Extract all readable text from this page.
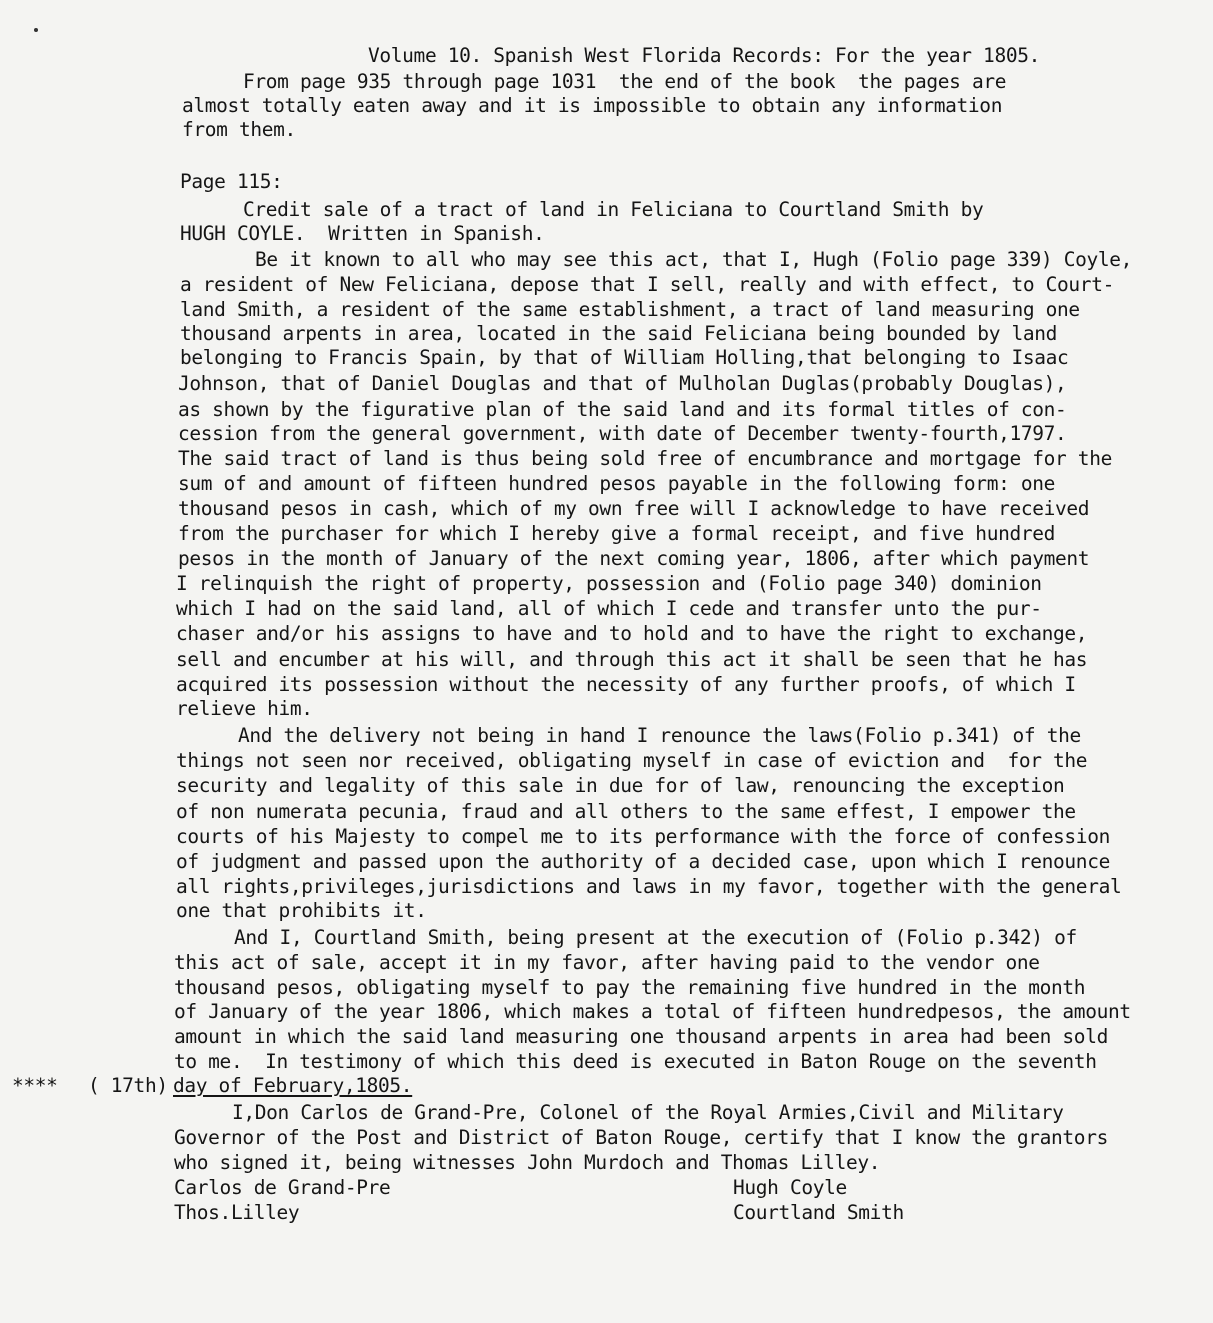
Volume 10. Spanish West Florida Records: For the year 1805.
From page 935 through page 1031  the end of the book  the pages are
almost totally eaten away and it is impossible to obtain any information
from them.
Page 115:
Credit sale of a tract of land in Feliciana to Courtland Smith by
HUGH COYLE.  Written in Spanish.
Be it known to all who may see this act, that I, Hugh (Folio page 339) Coyle,
a resident of New Feliciana, depose that I sell, really and with effect, to Court-
land Smith, a resident of the same establishment, a tract of land measuring one
thousand arpents in area, located in the said Feliciana being bounded by land
belonging to Francis Spain, by that of William Holling,that belonging to Isaac
Johnson, that of Daniel Douglas and that of Mulholan Duglas(probably Douglas),
as shown by the figurative plan of the said land and its formal titles of con-
cession from the general government, with date of December twenty-fourth,1797.
The said tract of land is thus being sold free of encumbrance and mortgage for the
sum of and amount of fifteen hundred pesos payable in the following form: one
thousand pesos in cash, which of my own free will I acknowledge to have received
from the purchaser for which I hereby give a formal receipt, and five hundred
pesos in the month of January of the next coming year, 1806, after which payment
I relinquish the right of property, possession and (Folio page 340) dominion
which I had on the said land, all of which I cede and transfer unto the pur-
chaser and/or his assigns to have and to hold and to have the right to exchange,
sell and encumber at his will, and through this act it shall be seen that he has
acquired its possession without the necessity of any further proofs, of which I
relieve him.
And the delivery not being in hand I renounce the laws(Folio p.341) of the
things not seen nor received, obligating myself in case of eviction and  for the
security and legality of this sale in due for of law, renouncing the exception
of non numerata pecunia, fraud and all others to the same effest, I empower the
courts of his Majesty to compel me to its performance with the force of confession
of judgment and passed upon the authority of a decided case, upon which I renounce
all rights,privileges,jurisdictions and laws in my favor, together with the general
one that prohibits it.
And I, Courtland Smith, being present at the execution of (Folio p.342) of
this act of sale, accept it in my favor, after having paid to the vendor one
thousand pesos, obligating myself to pay the remaining five hundred in the month
of January of the year 1806, which makes a total of fifteen hundredpesos, the amount
amount in which the said land measuring one thousand arpents in area had been sold
to me.  In testimony of which this deed is executed in Baton Rouge on the seventh
**** ( 17th) day of February,1805.
I,Don Carlos de Grand-Pre, Colonel of the Royal Armies,Civil and Military
Governor of the Post and District of Baton Rouge, certify that I know the grantors
who signed it, being witnesses John Murdoch and Thomas Lilley.
Carlos de Grand-Pre
Thos.Lilley
Hugh Coyle
Courtland Smith
